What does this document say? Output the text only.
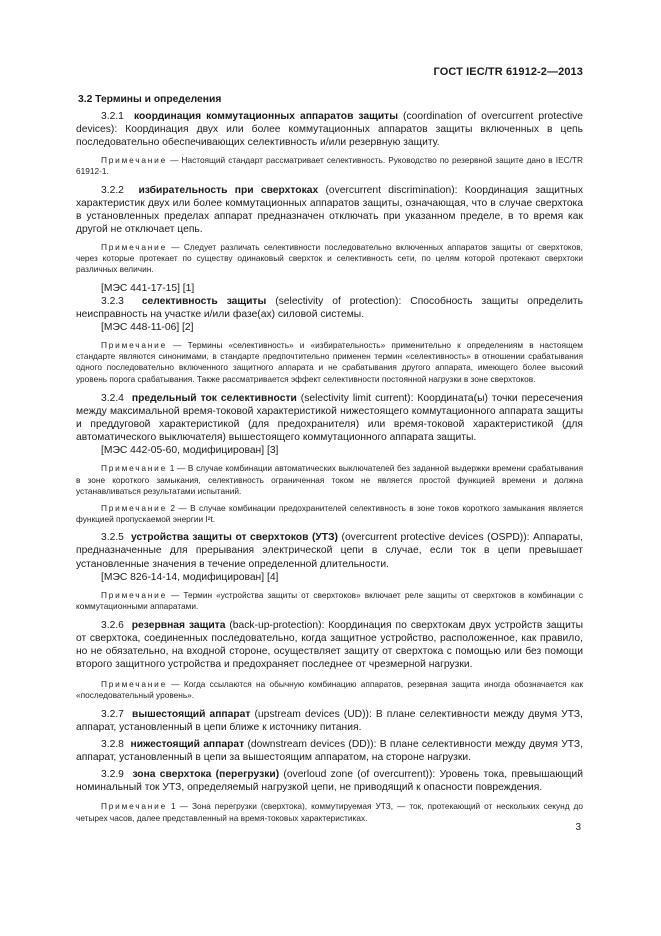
ГОСТ IEC/TR 61912-2—2013

3.2 Термины и определения

3.2.1 координация коммутационных аппаратов защиты (coordination of overcurrent protective devices): Координация двух или более коммутационных аппаратов защиты включенных в цепь последовательно обеспечивающих селективность и/или резервную защиту.

Примечание — Настоящий стандарт рассматривает селективность. Руководство по резервной защите дано в IEC/TR 61912-1.

3.2.2 избирательность при сверхтоках (overcurrent discrimination): Координация защитных характеристик двух или более коммутационных аппаратов защиты, означающая, что в случае сверхтока в установленных пределах аппарат предназначен отключать при указанном пределе, в то время как другой не отключает цепь.

Примечание — Следует различать селективности последовательно включенных аппаратов защиты от сверхтоков, через которые протекает по существу одинаковый сверхток и селективность сети, по целям которой протекают сверхтоки различных величин.

[МЭС 441-17-15] [1]

3.2.3 селективность защиты (selectivity of protection): Способность защиты определить неисправность на участке и/или фазе(ах) силовой системы.

[МЭС 448-11-06] [2]

Примечание — Термины «селективность» и «избирательность» применительно к определениям в настоящем стандарте являются синонимами, в стандарте предпочтительно применен термин «селективность» в отношении срабатывания одного последовательно включенного защитного аппарата и не срабатывания другого аппарата, имеющего более высокий уровень порога срабатывания. Также рассматривается эффект селективности постоянной нагрузки в зоне сверхтоков.

3.2.4 предельный ток селективности (selectivity limit current): Координата(ы) точки пересечения между максимальной время-токовой характеристикой нижестоящего коммутационного аппарата защиты и преддуговой характеристикой (для предохранителя) или время-токовой характеристикой (для автоматического выключателя) вышестоящего коммутационного аппарата защиты.

[МЭС 442-05-60, модифицирован] [3]

Примечание 1 — В случае комбинации автоматических выключателей без заданной выдержки времени срабатывания в зоне короткого замыкания, селективность ограниченная током не является простой функцией времени и должна устанавливаться результатами испытаний.

Примечание 2 — В случае комбинации предохранителей селективность в зоне токов короткого замыкания является функцией пропускаемой энергии I²t.

3.2.5 устройства защиты от сверхтоков (УТЗ) (overcurrent protective devices (OSPD)): Аппараты, предназначенные для прерывания электрической цепи в случае, если ток в цепи превышает установленные значения в течение определенной длительности.

[МЭС 826-14-14, модифицирован] [4]

Примечание — Термин «устройства защиты от сверхтоков» включает реле защиты от сверхтоков в комбинации с коммутационными аппаратами.

3.2.6 резервная защита (back-up-protection): Координация по сверхтокам двух устройств защиты от сверхтока, соединенных последовательно, когда защитное устройство, расположенное, как правило, но не обязательно, на входной стороне, осуществляет защиту от сверхтока с помощью или без помощи второго защитного устройства и предохраняет последнее от чрезмерной нагрузки.

Примечание — Когда ссылаются на обычную комбинацию аппаратов, резервная защита иногда обозначается как «последовательный уровень».

3.2.7 вышестоящий аппарат (upstream devices (UD)): В плане селективности между двумя УТЗ, аппарат, установленный в цепи ближе к источнику питания.

3.2.8 нижестоящий аппарат (downstream devices (DD)): В плане селективности между двумя УТЗ, аппарат, установленный в цепи за вышестоящим аппаратом, на стороне нагрузки.

3.2.9 зона сверхтока (перегрузки) (overloud zone (of overcurrent)): Уровень тока, превышающий номинальный ток УТЗ, определяемый нагрузкой цепи, не приводящий к опасности повреждения.

Примечание 1 — Зона перегрузки (сверхтока), коммутируемая УТЗ, — ток, протекающий от нескольких секунд до четырех часов, далее представленный на время-токовых характеристиках.

3
